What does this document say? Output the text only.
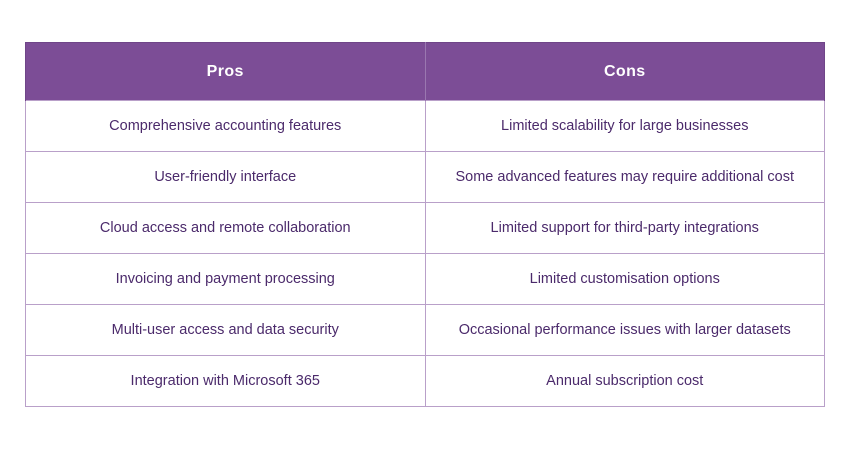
Pros	Cons
Comprehensive accounting features	Limited scalability for large businesses
User-friendly interface	Some advanced features may require additional cost
Cloud access and remote collaboration	Limited support for third-party integrations
Invoicing and payment processing	Limited customisation options
Multi-user access and data security	Occasional performance issues with larger datasets
Integration with Microsoft 365	Annual subscription cost
